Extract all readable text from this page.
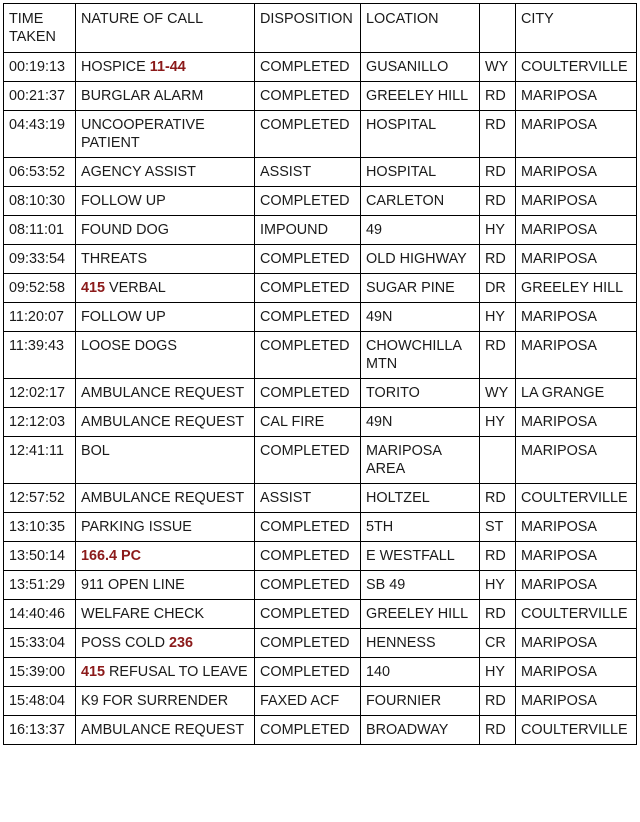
TIME TAKEN	NATURE OF CALL	DISPOSITION	LOCATION		CITY
00:19:13	HOSPICE 11-44	COMPLETED	GUSANILLO	WY	COULTERVILLE
00:21:37	BURGLAR ALARM	COMPLETED	GREELEY HILL	RD	MARIPOSA
04:43:19	UNCOOPERATIVE PATIENT	COMPLETED	HOSPITAL	RD	MARIPOSA
06:53:52	AGENCY ASSIST	ASSIST	HOSPITAL	RD	MARIPOSA
08:10:30	FOLLOW UP	COMPLETED	CARLETON	RD	MARIPOSA
08:11:01	FOUND DOG	IMPOUND	49	HY	MARIPOSA
09:33:54	THREATS	COMPLETED	OLD HIGHWAY	RD	MARIPOSA
09:52:58	415 VERBAL	COMPLETED	SUGAR PINE	DR	GREELEY HILL
11:20:07	FOLLOW UP	COMPLETED	49N	HY	MARIPOSA
11:39:43	LOOSE DOGS	COMPLETED	CHOWCHILLA MTN	RD	MARIPOSA
12:02:17	AMBULANCE REQUEST	COMPLETED	TORITO	WY	LA GRANGE
12:12:03	AMBULANCE REQUEST	CAL FIRE	49N	HY	MARIPOSA
12:41:11	BOL	COMPLETED	MARIPOSA AREA		MARIPOSA
12:57:52	AMBULANCE REQUEST	ASSIST	HOLTZEL	RD	COULTERVILLE
13:10:35	PARKING ISSUE	COMPLETED	5TH	ST	MARIPOSA
13:50:14	166.4 PC	COMPLETED	E WESTFALL	RD	MARIPOSA
13:51:29	911 OPEN LINE	COMPLETED	SB 49	HY	MARIPOSA
14:40:46	WELFARE CHECK	COMPLETED	GREELEY HILL	RD	COULTERVILLE
15:33:04	POSS COLD 236	COMPLETED	HENNESS	CR	MARIPOSA
15:39:00	415 REFUSAL TO LEAVE	COMPLETED	140	HY	MARIPOSA
15:48:04	K9 FOR SURRENDER	FAXED ACF	FOURNIER	RD	MARIPOSA
16:13:37	AMBULANCE REQUEST	COMPLETED	BROADWAY	RD	COULTERVILLE
